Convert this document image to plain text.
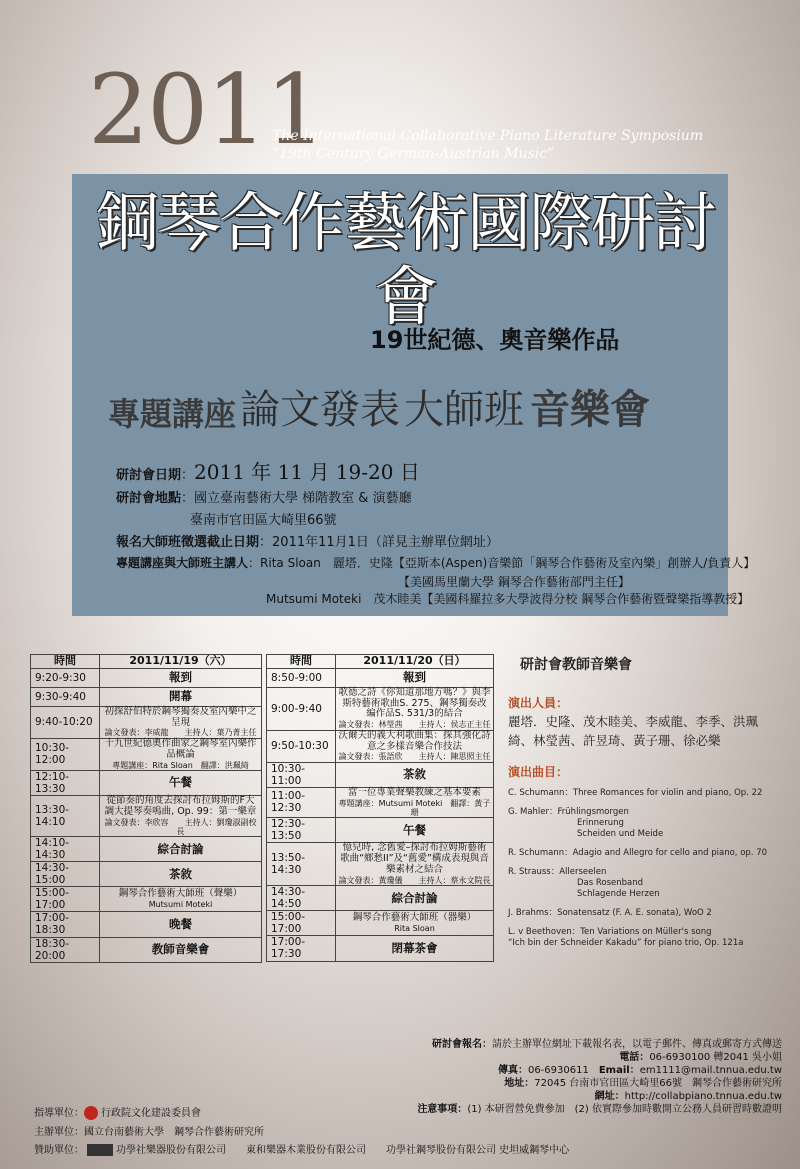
2011
The International Collaborative Piano Literature Symposium
“19th Century German-Austrian Music”
鋼琴合作藝術國際研討會
19世紀德、奧音樂作品
專題講座 論文發表 大師班 音樂會
研討會日期：2011 年 11 月 19-20 日
研討會地點：國立臺南藝術大學 梯階教室 & 演藝廳
臺南市官田區大崎里66號
報名大師班徵選截止日期：2011年11月1日（詳見主辦單位網址）
專題講座與大師班主講人：Rita Sloan　麗塔．史隆【亞斯本(Aspen)音樂節「鋼琴合作藝術及室內樂」創辦人/負責人】
【美國馬里蘭大學 鋼琴合作藝術部門主任】
Mutsumi Moteki　茂木睦美【美國科羅拉多大學波得分校 鋼琴合作藝術暨聲樂指導教授】
時間	2011/11/19（六）
9:20-9:30	報到
9:30-9:40	開幕
9:40-10:20	初探舒伯特於鋼琴獨奏及室內樂中之呈現
論文發表：李威龍　　主持人：葉乃菁主任

10:30-12:00	十九世紀德奧作曲家之鋼琴室內樂作品概論
專題講座：Rita Sloan　翻譯：洪珮綺

12:10-13:30	午餐
13:30-14:10	從節奏的角度去探討布拉姆斯的F大調大提琴奏鳴曲, Op. 99：第一樂章
論文發表：李欣容　　主持人：劉瓊淑副校長

14:10-14:30	綜合討論
14:30-15:00	茶敘
15:00-17:00	鋼琴合作藝術大師班（聲樂）
Mutsumi Moteki

17:00-18:30	晚餐
18:30-20:00	教師音樂會
時間	2011/11/20（日）
8:50-9:00	報到
9:00-9:40	歌德之詩《你知道那地方嗎？》與李斯特藝術歌曲S. 275、鋼琴獨奏改編作品S. 531/3的結合
論文發表：林瑩茜　　主持人：侯志正主任

9:50-10:30	沃爾夫的義大利歌曲集：探其強化詩意之多樣音樂合作技法
論文發表：張語欣　　主持人：陳思照主任

10:30-11:00	茶敘
11:00-12:30	當一位專業聲樂教練之基本要素
專題講座：Mutsumi Moteki　翻譯：黃子珊

12:30-13:50	午餐
13:50-14:30	憶兒時, 念舊愛–探討布拉姆斯藝術歌曲“鄉愁II”及“舊愛”構成表現與音樂素材之結合
論文發表：黃瓊儀　　主持人：蔡永文院長

14:30-14:50	綜合討論
15:00-17:00	鋼琴合作藝術大師班（器樂）
Rita Sloan

17:00-17:30	閉幕茶會
研討會教師音樂會
演出人員：
麗塔．史隆、茂木睦美、李威龍、李季、洪珮綺、林瑩茜、許昱琦、黃子珊、徐必樂
演出曲目：
C. Schumann：Three Romances for violin and piano, Op. 22
G. Mahler：Frühlingsmorgen
Erinnerung
Scheiden und Meide
R. Schumann：Adagio and Allegro for cello and piano, op. 70
R. Strauss：Allerseelen
Das Rosenband
Schlagende Herzen
J. Brahms：Sonatensatz (F. A. E. sonata), WoO 2
L. v Beethoven：Ten Variations on Müller's song
“Ich bin der Schneider Kakadu” for piano trio, Op. 121a
研討會報名：請於主辦單位網址下載報名表，以電子郵件、傳真或郵寄方式傳送
電話：06-6930100 轉2041 吳小姐
傳真：06-6930611　 Email：em1111@mail.tnnua.edu.tw
地址：72045 台南市官田區大崎里66號　鋼琴合作藝術研究所
網址：http://collabpiano.tnnua.edu.tw
注意事項：(1) 本研習營免費參加　(2) 依實際參加時數開立公務人員研習時數證明
指導單位： 行政院文化建設委員會
主辦單位：國立台南藝術大學　鋼琴合作藝術研究所
贊助單位：	功學社樂器股份有限公司　　東和樂器木業股份有限公司　　功學社鋼琴股份有限公司 史坦威鋼琴中心
